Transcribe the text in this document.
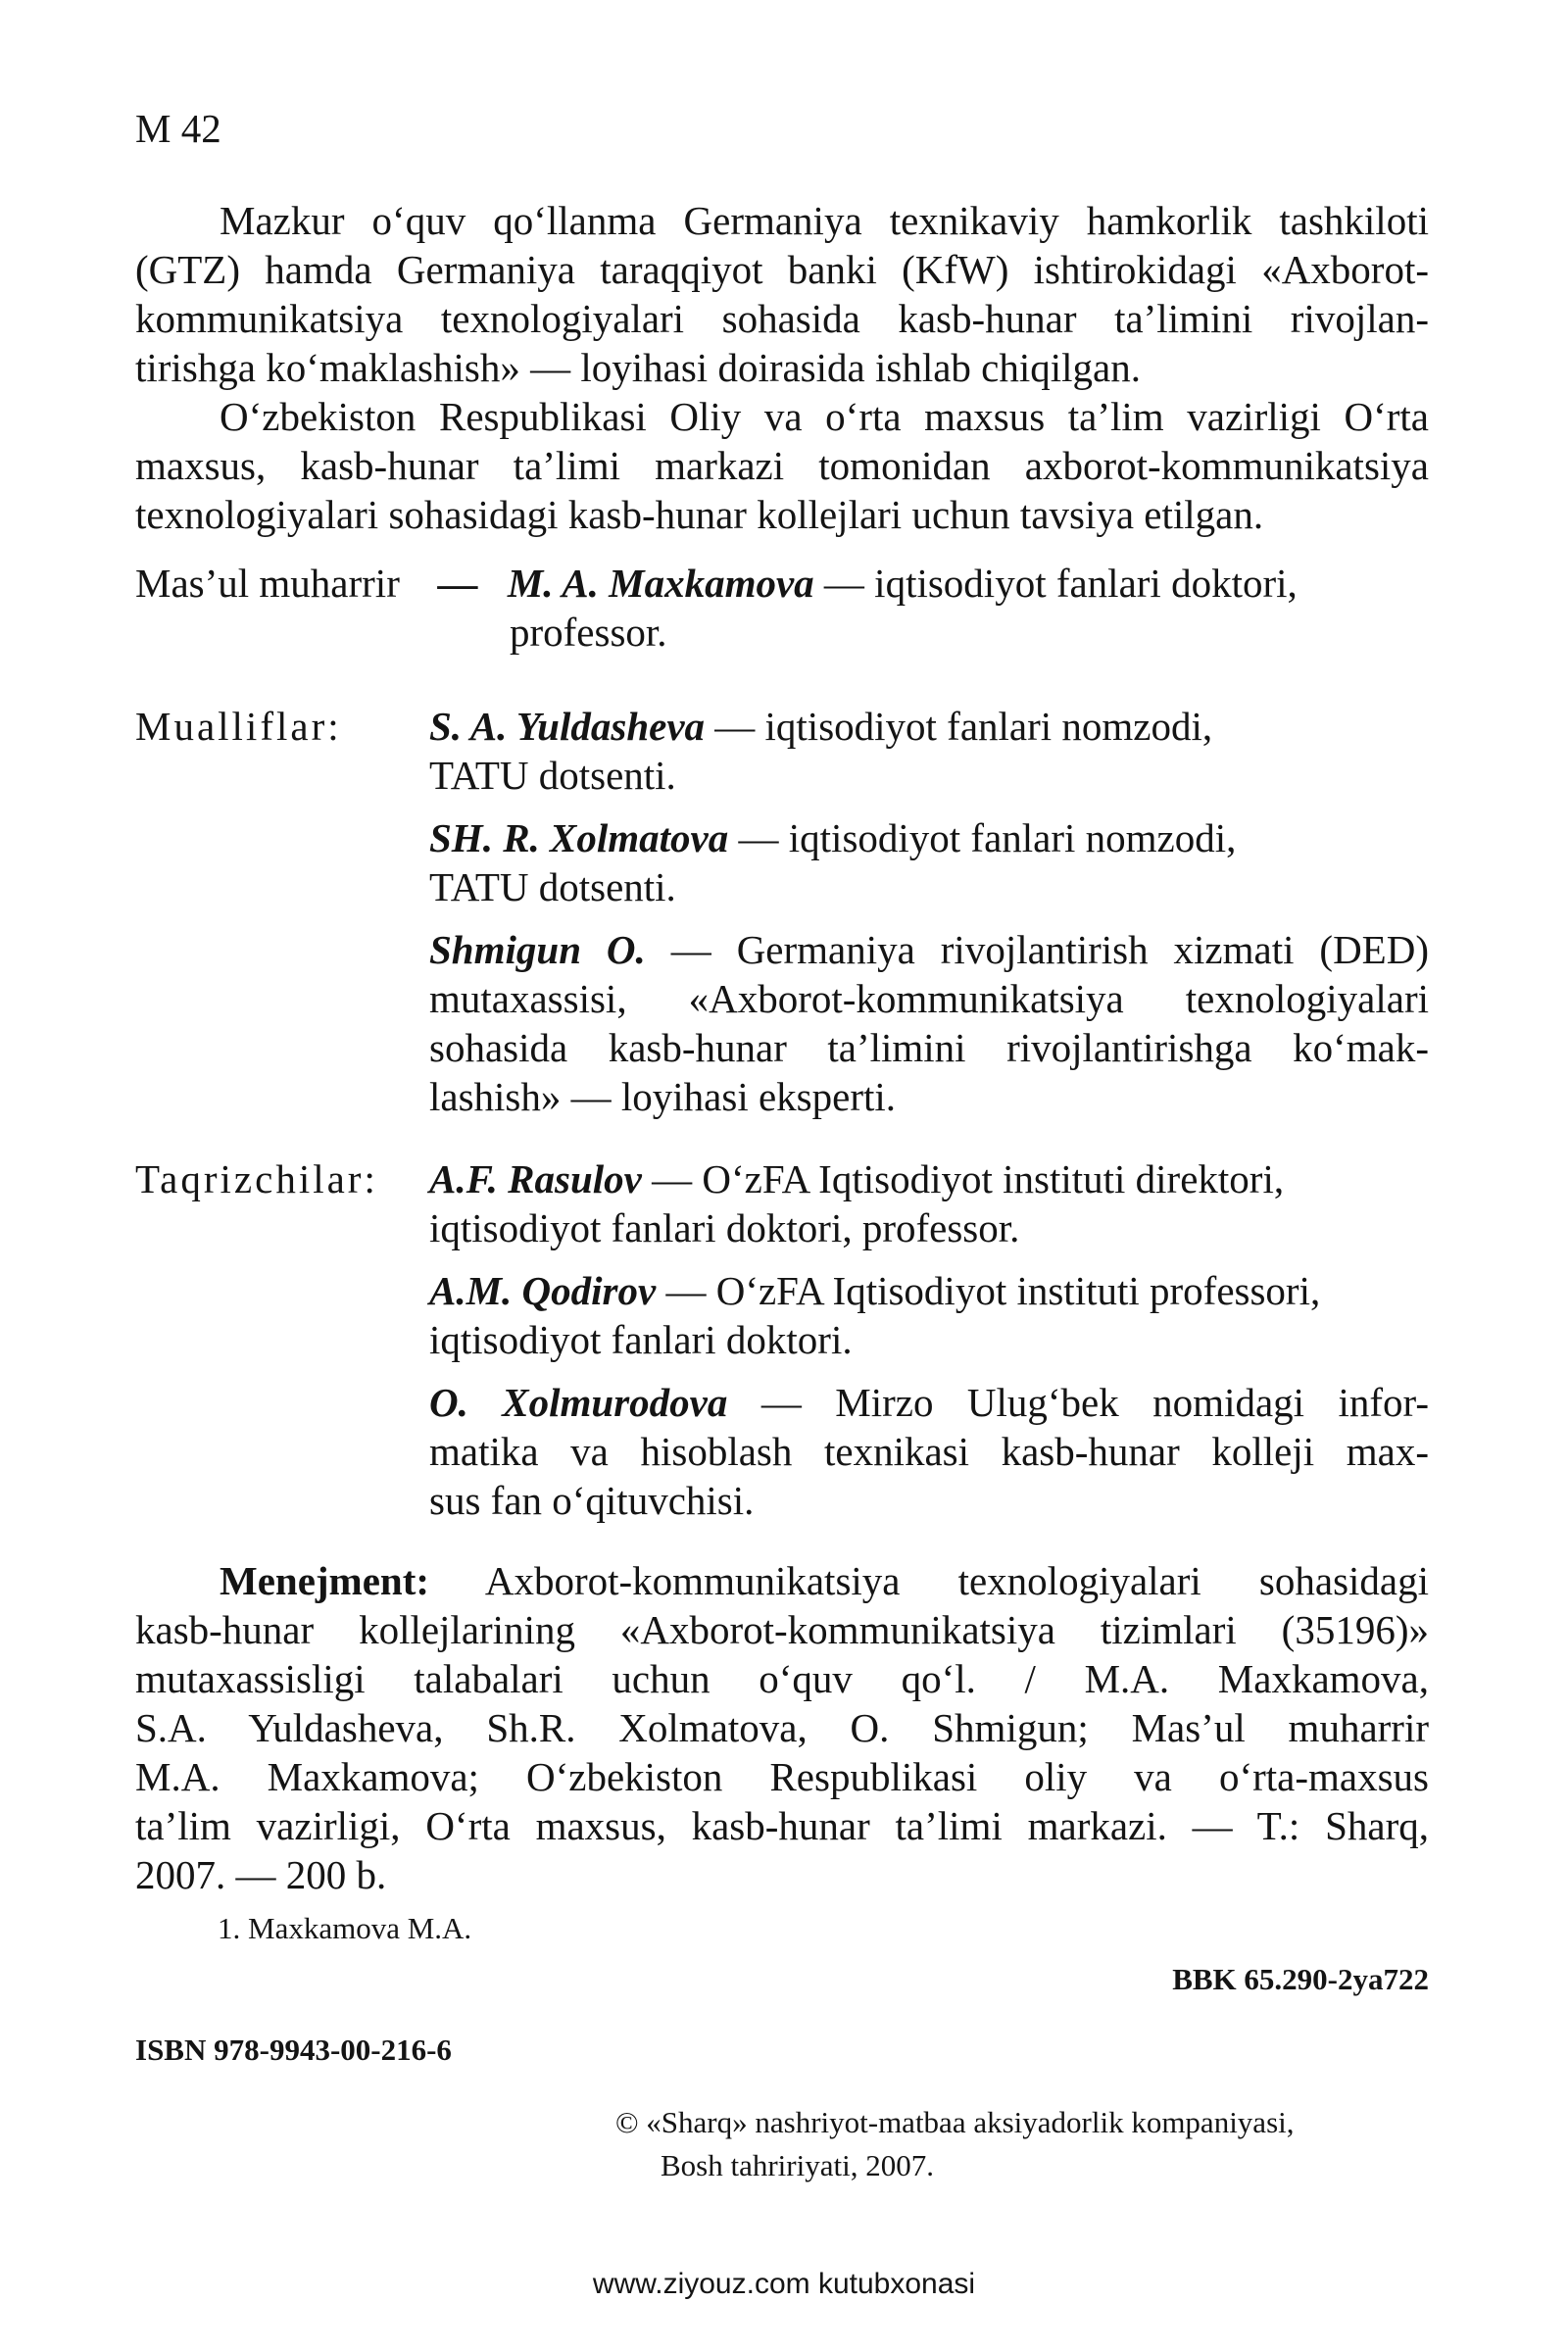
M 42
Mazkur o‘quv qo‘llanma Germaniya texnikaviy hamkorlik tashkiloti
(GTZ) hamda Germaniya taraqqiyot banki (KfW) ishtirokidagi «Axborot-
kommunikatsiya texnologiyalari sohasida kasb-hunar ta’limini rivojlan-
tirishga ko‘maklashish» — loyihasi doirasida ishlab chiqilgan.
O‘zbekiston Respublikasi Oliy va o‘rta maxsus ta’lim vazirligi O‘rta
maxsus, kasb-hunar ta’limi markazi tomonidan axborot-kommunikatsiya
texnologiyalari sohasidagi kasb-hunar kollejlari uchun tavsiya etilgan.
Mas’ul muharrir — M. A. Maxkamova — iqtisodiyot fanlari doktori,
professor.
Mualliflar: S. A. Yuldasheva — iqtisodiyot fanlari nomzodi,
TATU dotsenti.
SH. R. Xolmatova — iqtisodiyot fanlari nomzodi,
TATU dotsenti.
Shmigun O. — Germaniya rivojlantirish xizmati (DED)
mutaxassisi, «Axborot-kommunikatsiya texnologiyalari
sohasida kasb-hunar ta’limini rivojlantirishga ko‘mak-
lashish» — loyihasi eksperti.
Taqrizchilar: A.F. Rasulov — O‘zFA Iqtisodiyot instituti direktori,
iqtisodiyot fanlari doktori, professor.
A.M. Qodirov — O‘zFA Iqtisodiyot instituti professori,
iqtisodiyot fanlari doktori.
O. Xolmurodova — Mirzo Ulug‘bek nomidagi infor-
matika va hisoblash texnikasi kasb-hunar kolleji max-
sus fan o‘qituvchisi.
Menejment: Axborot-kommunikatsiya texnologiyalari sohasidagi
kasb-hunar kollejlarining «Axborot-kommunikatsiya tizimlari (35196)»
mutaxassisligi talabalari uchun o‘quv qo‘l. / M.A. Maxkamova,
S.A. Yuldasheva, Sh.R. Xolmatova, O. Shmigun; Mas’ul muharrir
M.A. Maxkamova; O‘zbekiston Respublikasi oliy va o‘rta-maxsus
ta’lim vazirligi, O‘rta maxsus, kasb-hunar ta’limi markazi. — T.: Sharq,
2007. — 200 b.
1. Maxkamova M.A.
BBK 65.290-2ya722
ISBN 978-9943-00-216-6
© «Sharq» nashriyot-matbaa aksiyadorlik kompaniyasi,
Bosh tahririyati, 2007.
www.ziyouz.com kutubxonasi
